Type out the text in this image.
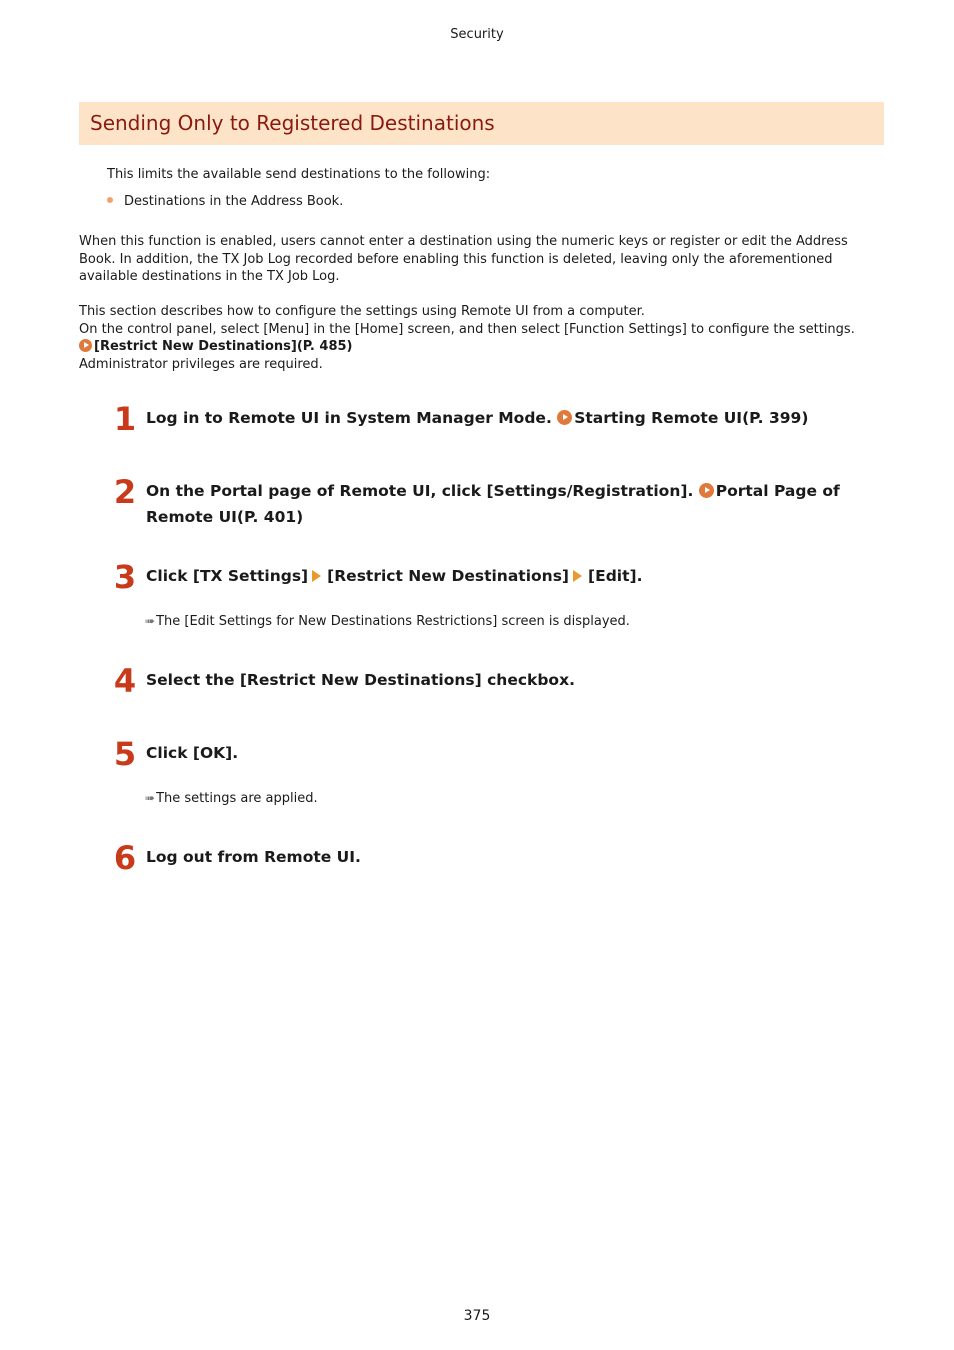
Security
Sending Only to Registered Destinations
This limits the available send destinations to the following:
Destinations in the Address Book.

When this function is enabled, users cannot enter a destination using the numeric keys or register or edit the Address Book. In addition, the TX Job Log recorded before enabling this function is deleted, leaving only the aforementioned available destinations in the TX Job Log.

This section describes how to configure the settings using Remote UI from a computer.

On the control panel, select [Menu] in the [Home] screen, and then select [Function Settings] to configure the settings.

[Restrict New Destinations](P. 485)

Administrator privileges are required.

1 Log in to Remote UI in System Manager Mode. Starting Remote UI(P. 399)
2 On the Portal page of Remote UI, click [Settings/Registration]. Portal Page of Remote UI(P. 401)
3 Click [TX Settings] [Restrict New Destinations] [Edit].
➠ The [Edit Settings for New Destinations Restrictions] screen is displayed.
4 Select the [Restrict New Destinations] checkbox.
5 Click [OK].
➠ The settings are applied.
6 Log out from Remote UI.
375
